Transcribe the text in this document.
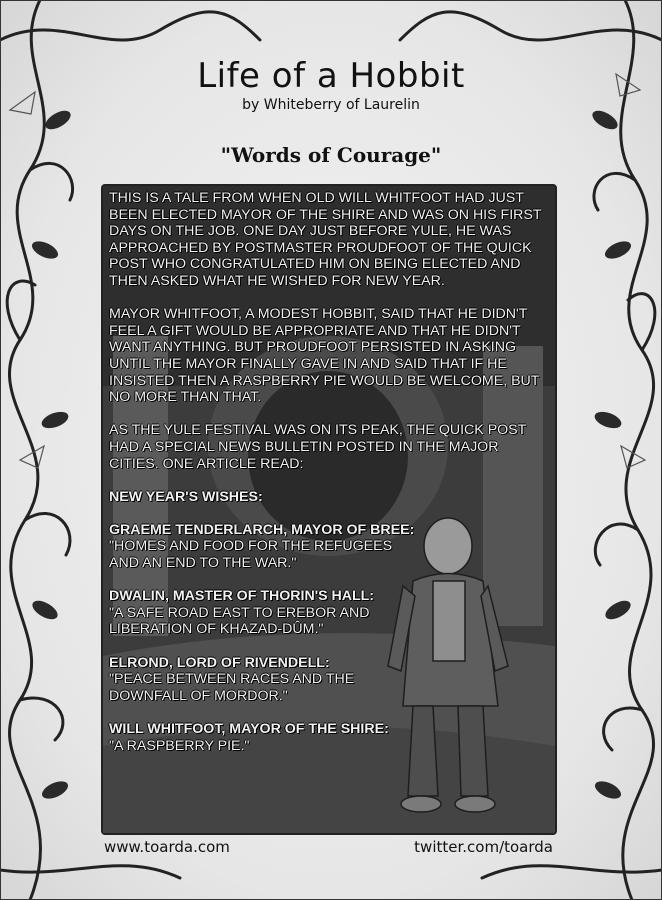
Life of a Hobbit
by Whiteberry of Laurelin
"Words of Courage"

THIS IS A TALE FROM WHEN OLD WILL WHITFOOT HAD JUST BEEN ELECTED MAYOR OF THE SHIRE AND WAS ON HIS FIRST DAYS ON THE JOB. ONE DAY JUST BEFORE YULE, HE WAS APPROACHED BY POSTMASTER PROUDFOOT OF THE QUICK POST WHO CONGRATULATED HIM ON BEING ELECTED AND THEN ASKED WHAT HE WISHED FOR NEW YEAR.

MAYOR WHITFOOT, A MODEST HOBBIT, SAID THAT HE DIDN'T FEEL A GIFT WOULD BE APPROPRIATE AND THAT HE DIDN'T WANT ANYTHING. BUT PROUDFOOT PERSISTED IN ASKING UNTIL THE MAYOR FINALLY GAVE IN AND SAID THAT IF HE INSISTED THEN A RASPBERRY PIE WOULD BE WELCOME, BUT NO MORE THAN THAT.

AS THE YULE FESTIVAL WAS ON ITS PEAK, THE QUICK POST HAD A SPECIAL NEWS BULLETIN POSTED IN THE MAJOR CITIES. ONE ARTICLE READ:

NEW YEAR'S WISHES:

GRAEME TENDERLARCH, MAYOR OF BREE:
"HOMES AND FOOD FOR THE REFUGEES AND AN END TO THE WAR."
DWALIN, MASTER OF THORIN'S HALL:
"A SAFE ROAD EAST TO EREBOR AND LIBERATION OF KHAZAD-DÛM."
ELROND, LORD OF RIVENDELL:
"PEACE BETWEEN RACES AND THE DOWNFALL OF MORDOR."
WILL WHITFOOT, MAYOR OF THE SHIRE:
"A RASPBERRY PIE."
www.toarda.com	twitter.com/toarda
